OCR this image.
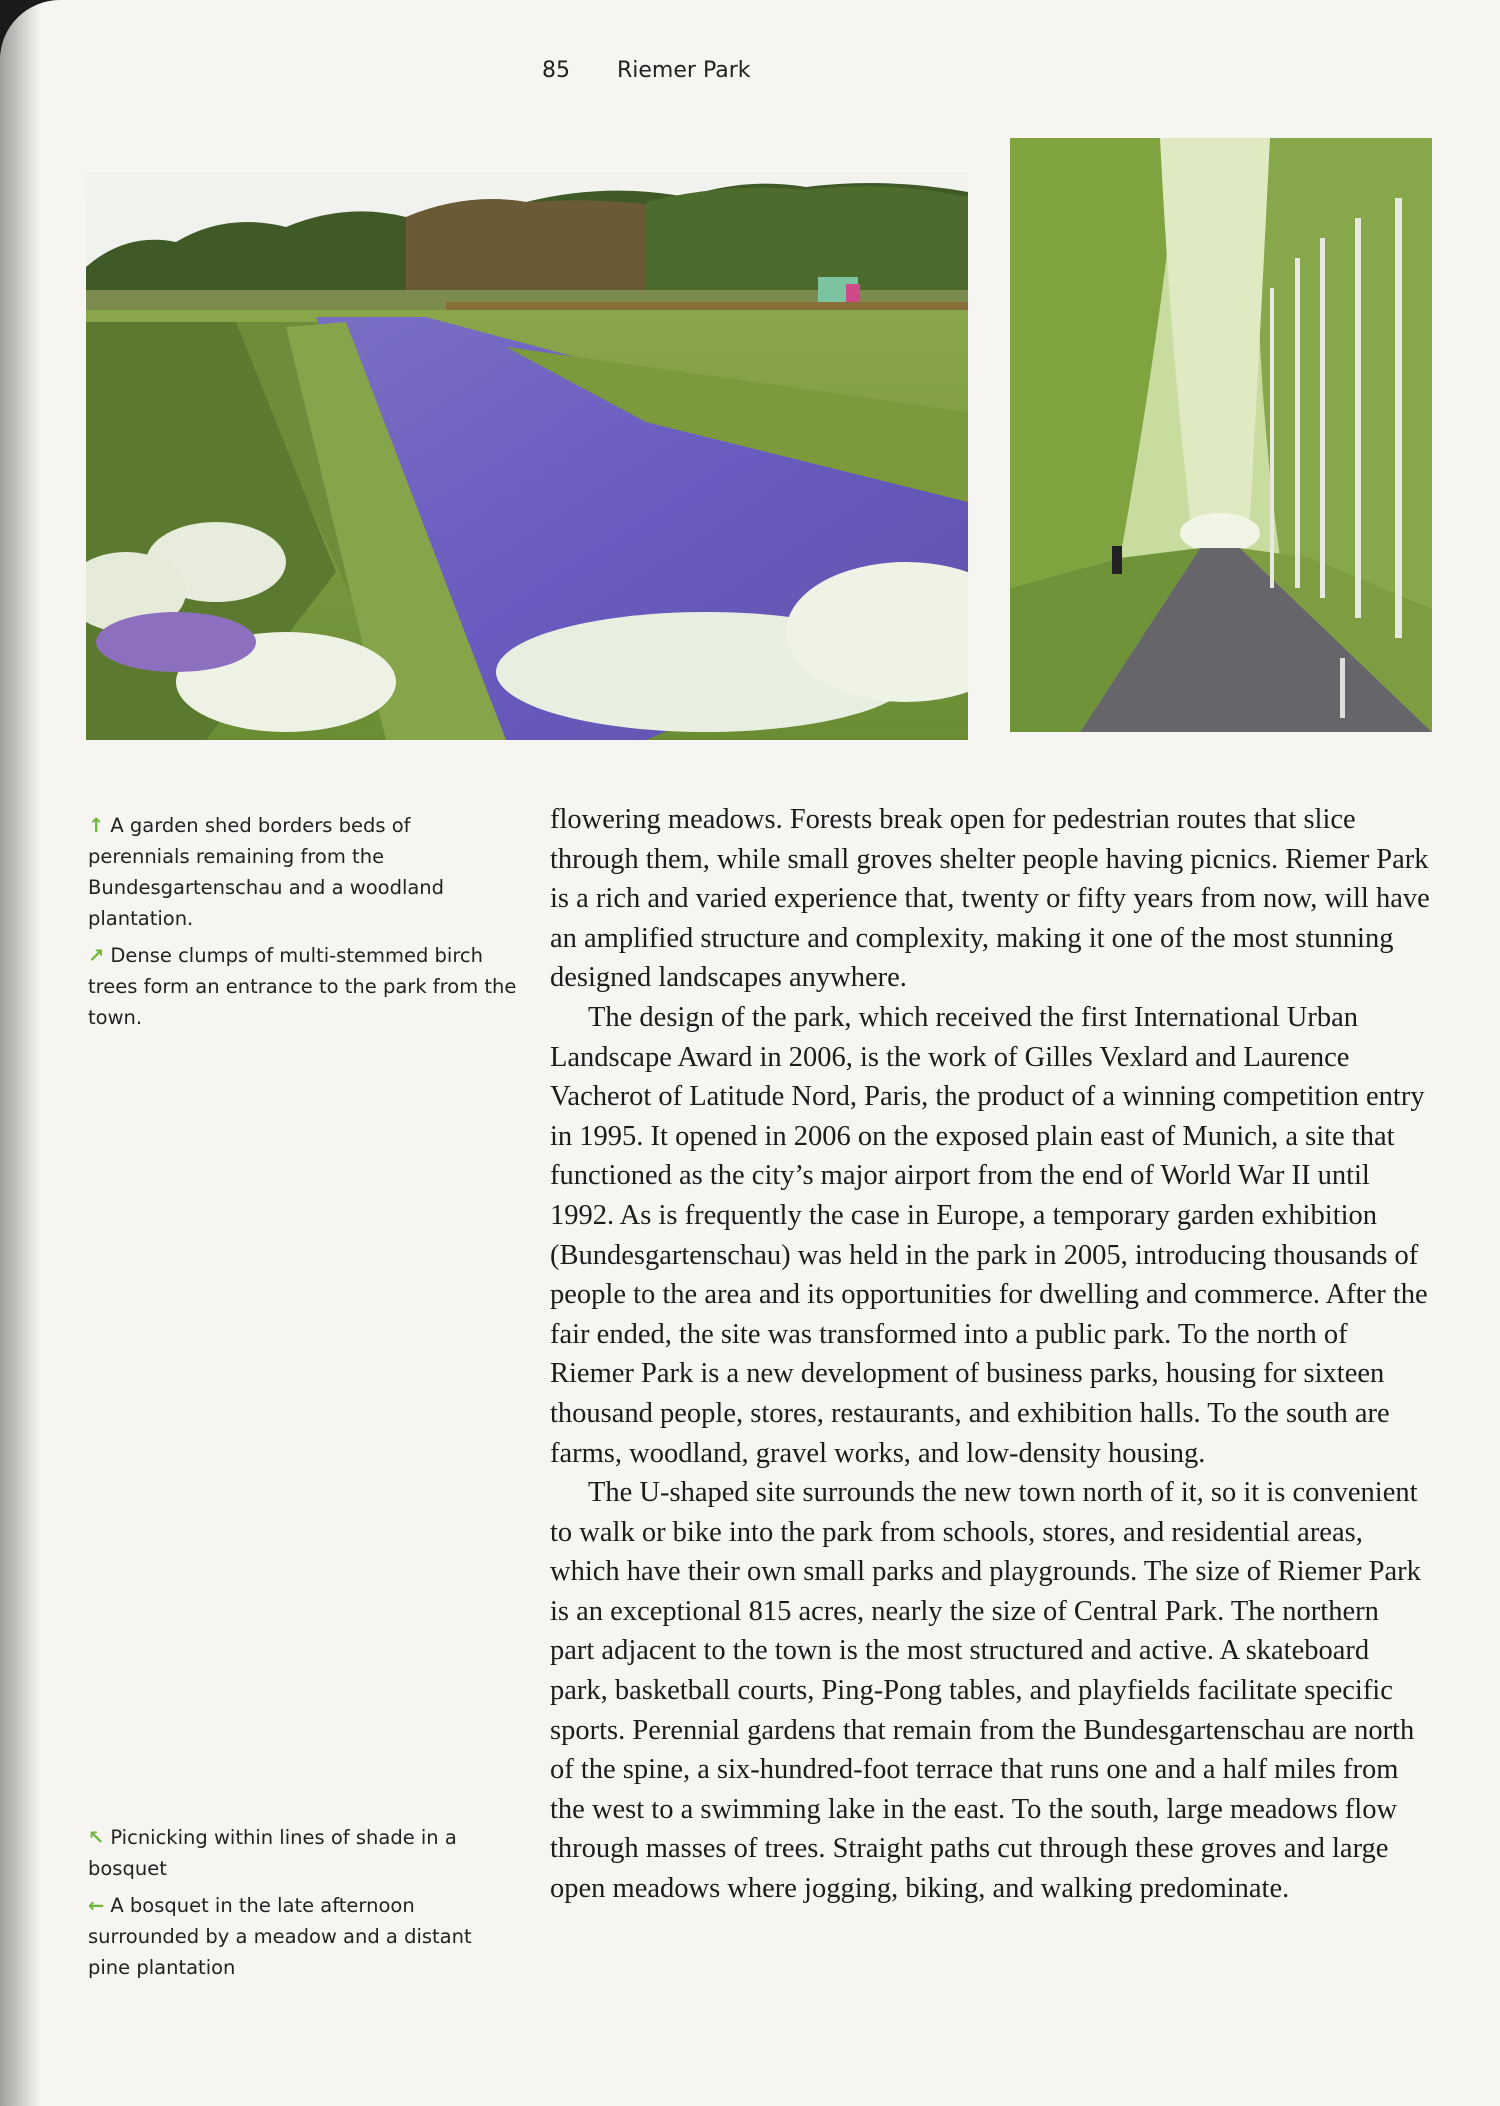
85 Riemer Park

↑ A garden shed borders beds of perennials remaining from the Bundesgartenschau and a woodland plantation.

↗ Dense clumps of multi-stemmed birch trees form an entrance to the park from the town.

↖ Picnicking within lines of shade in a bosquet

← A bosquet in the late afternoon surrounded by a meadow and a distant pine plantation

flowering meadows. Forests break open for pedestrian routes that slice through them, while small groves shelter people having picnics. Riemer Park is a rich and varied experience that, twenty or fifty years from now, will have an amplified structure and complexity, making it one of the most stunning designed landscapes anywhere.

The design of the park, which received the first International Urban Landscape Award in 2006, is the work of Gilles Vexlard and Laurence Vacherot of Latitude Nord, Paris, the product of a winning competition entry in 1995. It opened in 2006 on the exposed plain east of Munich, a site that functioned as the city’s major airport from the end of World War II until 1992. As is frequently the case in Europe, a temporary garden exhibition (Bundesgartenschau) was held in the park in 2005, introducing thousands of people to the area and its opportunities for dwelling and commerce. After the fair ended, the site was transformed into a public park. To the north of Riemer Park is a new development of business parks, housing for sixteen thousand people, stores, restaurants, and exhibition halls. To the south are farms, woodland, gravel works, and low-density housing.

The U-shaped site surrounds the new town north of it, so it is convenient to walk or bike into the park from schools, stores, and residential areas, which have their own small parks and playgrounds. The size of Riemer Park is an exceptional 815 acres, nearly the size of Central Park. The northern part adjacent to the town is the most structured and active. A skateboard park, basketball courts, Ping-Pong tables, and playfields facilitate specific sports. Perennial gardens that remain from the Bundesgartenschau are north of the spine, a six-hundred-foot terrace that runs one and a half miles from the west to a swimming lake in the east. To the south, large meadows flow through masses of trees. Straight paths cut through these groves and large open meadows where jogging, biking, and walking predominate.
